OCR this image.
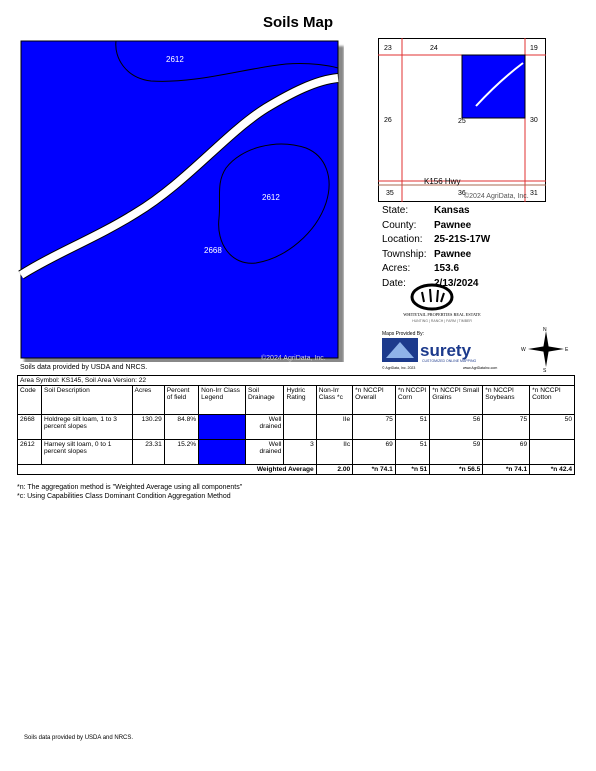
Soils Map
2612
2612
2668
©2024 AgriData, Inc.
Soils data provided by USDA and NRCS.
23	24	19
26	25	30
35	36	31
K156 Hwy
©2024 AgriData, Inc.
State:	Kansas
County:	Pawnee
Location:	25-21S-17W
Township: Pawnee
Acres:	153.6
Date:	2/13/2024
WHITETAIL PROPERTIES REAL ESTATE
HUNTING | RANCH | FARM | TIMBER
Maps Provided By:
surety
CUSTOMIZED ONLINE MAPPING
© AgriData, Inc. 2023	www.AgriDataInc.com
N
S
E
W
Area Symbol: KS145, Soil Area Version: 22												
Code	Soil Description	Acres	Percent of field	Non-Irr Class Legend	Soil Drainage	Hydric Rating	Non-Irr Class *c	*n NCCPI Overall	*n NCCPI Corn	*n NCCPI Small Grains	*n NCCPI Soybeans	*n NCCPI Cotton
2668	Holdrege silt loam, 1 to 3 percent slopes	130.29	84.8%		Well drained		IIe	75	51	56	75	50
2612	Harney silt loam, 0 to 1 percent slopes	23.31	15.2%		Well drained	3	IIc	69	51	59	69	
Weighted Average							2.00	*n 74.1	*n 51	*n 56.5	*n 74.1	*n 42.4
*n: The aggregation method is "Weighted Average using all components"
*c: Using Capabilities Class Dominant Condition Aggregation Method
Soils data provided by USDA and NRCS.
